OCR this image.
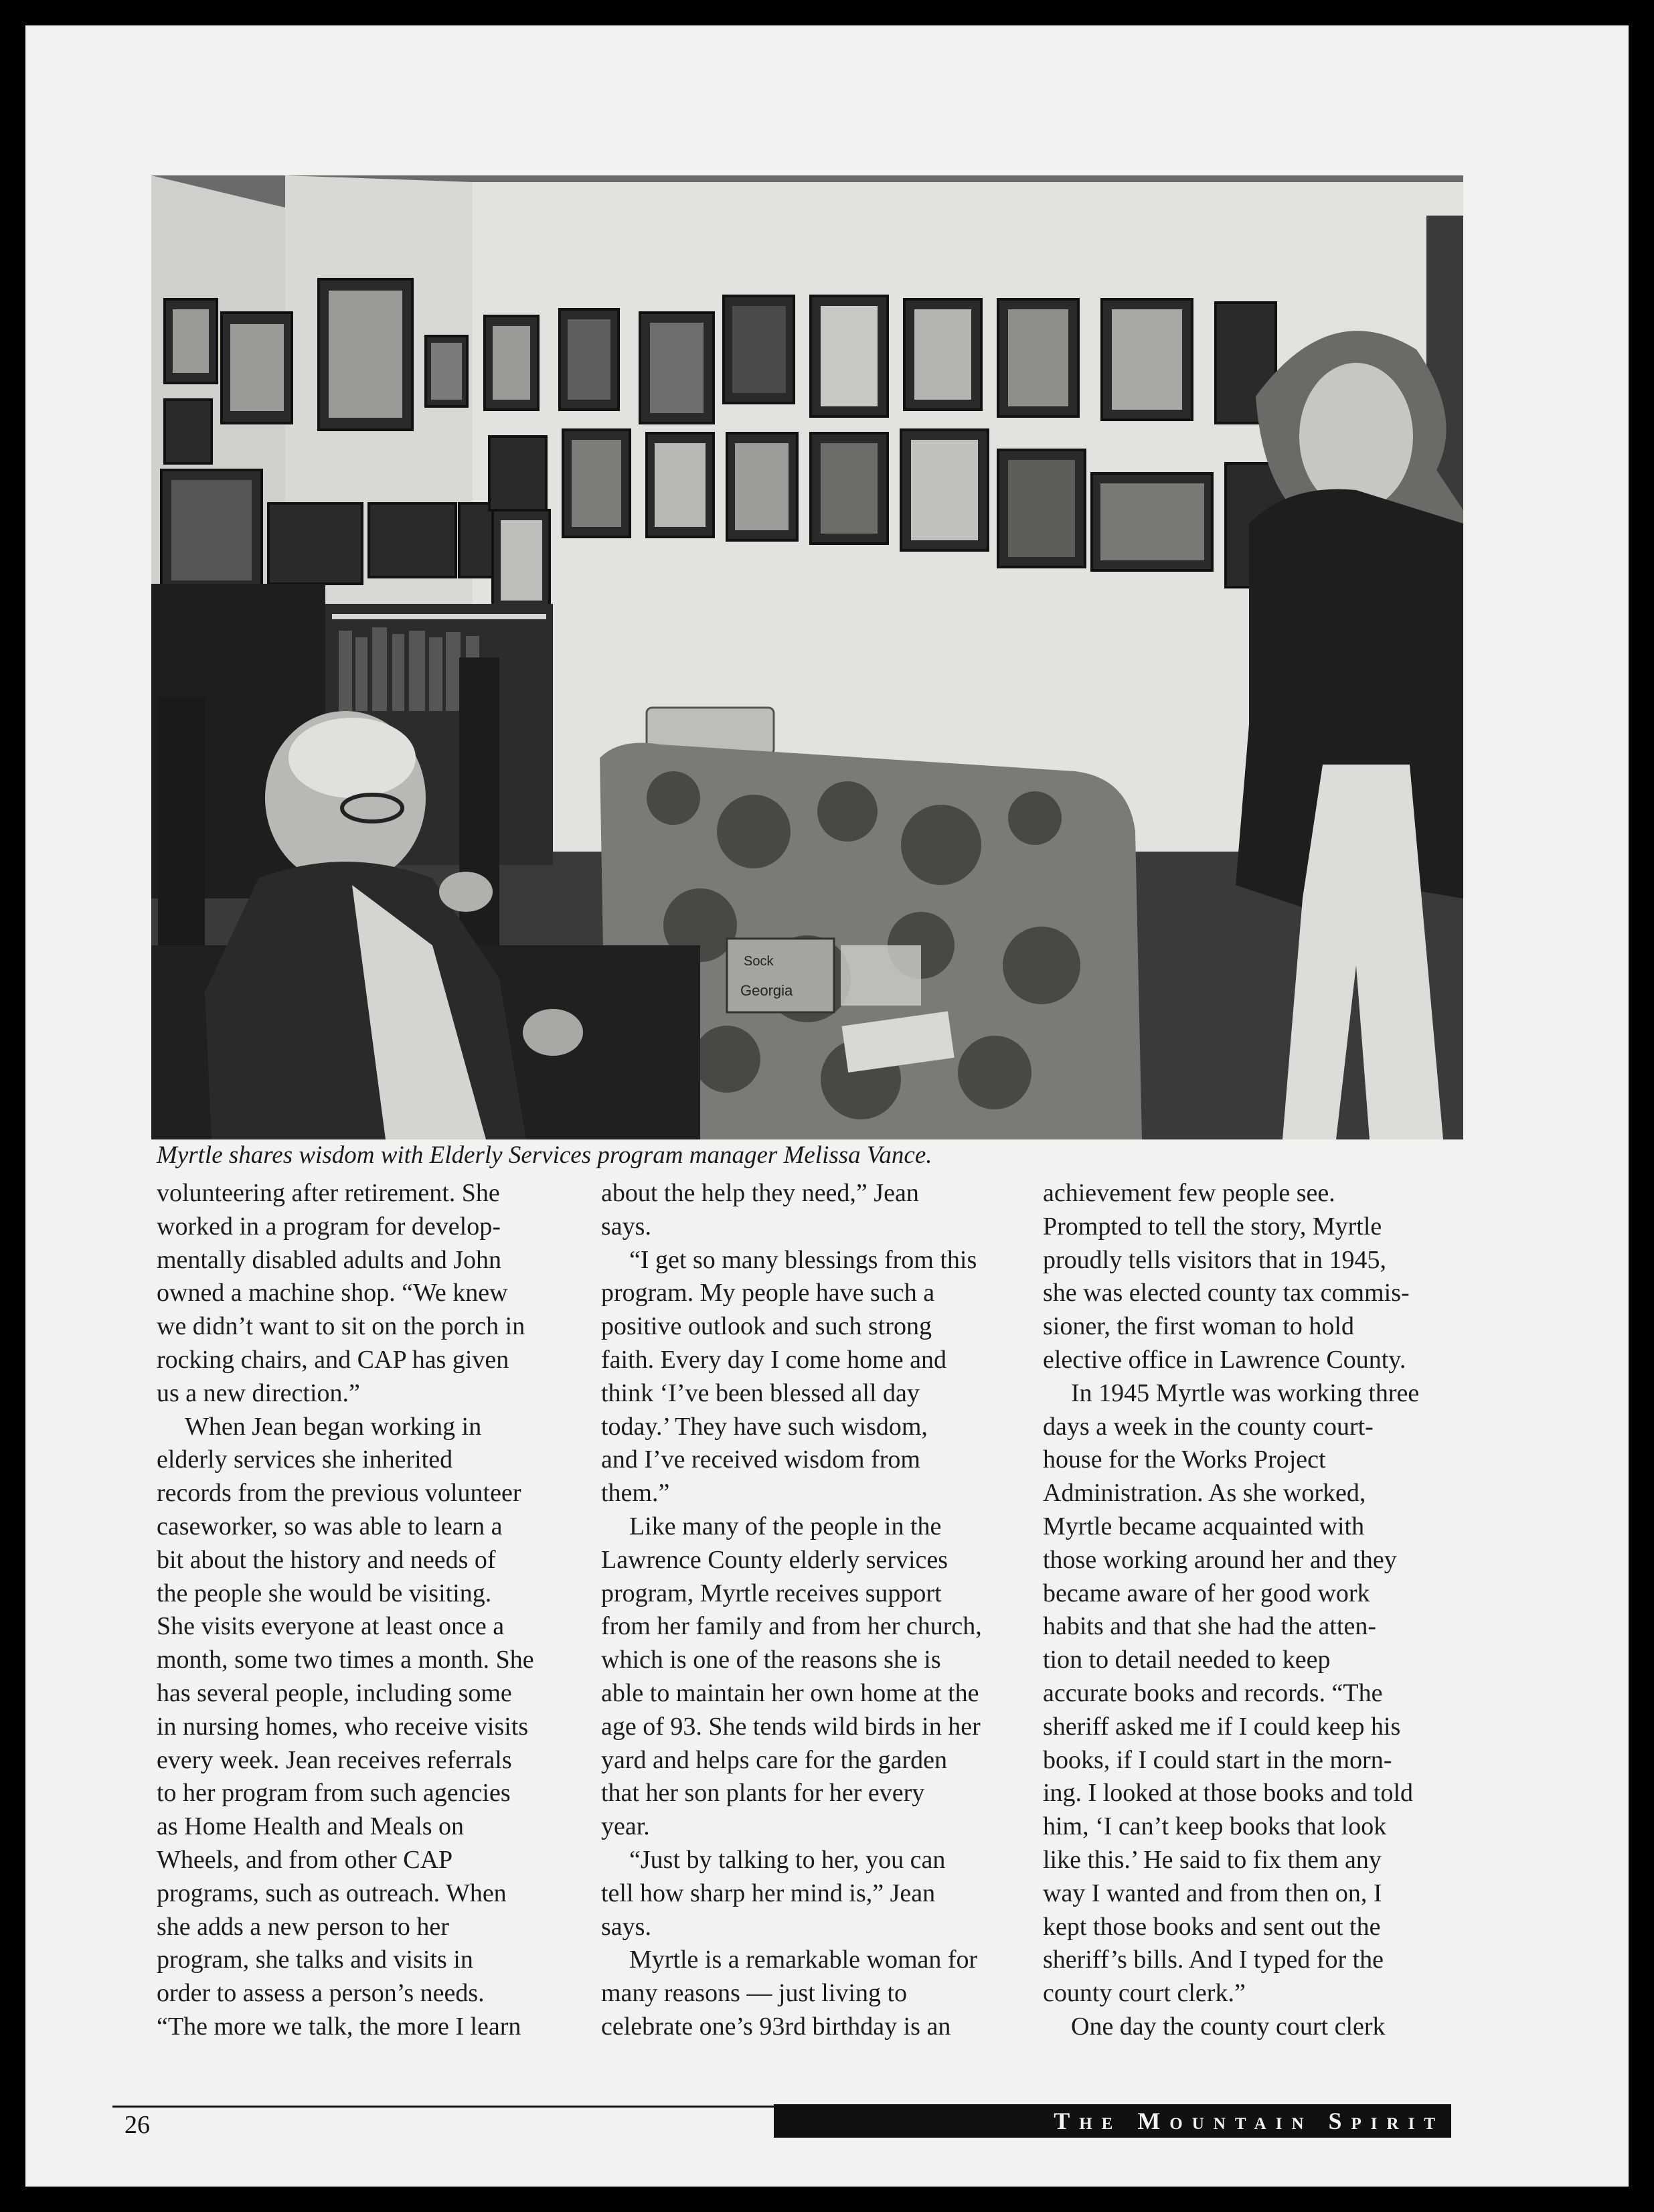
Sock
Georgia
Myrtle shares wisdom with Elderly Services program manager Melissa Vance.

volunteering after retirement. She

worked in a program for develop-

mentally disabled adults and John

owned a machine shop. “We knew

we didn’t want to sit on the porch in

rocking chairs, and CAP has given

us a new direction.”

When Jean began working in

elderly services she inherited

records from the previous volunteer

caseworker, so was able to learn a

bit about the history and needs of

the people she would be visiting.

She visits everyone at least once a

month, some two times a month. She

has several people, including some

in nursing homes, who receive visits

every week. Jean receives referrals

to her program from such agencies

as Home Health and Meals on

Wheels, and from other CAP

programs, such as outreach. When

she adds a new person to her

program, she talks and visits in

order to assess a person’s needs.

“The more we talk, the more I learn

about the help they need,” Jean

says.

“I get so many blessings from this

program. My people have such a

positive outlook and such strong

faith. Every day I come home and

think ‘I’ve been blessed all day

today.’ They have such wisdom,

and I’ve received wisdom from

them.”

Like many of the people in the

Lawrence County elderly services

program, Myrtle receives support

from her family and from her church,

which is one of the reasons she is

able to maintain her own home at the

age of 93. She tends wild birds in her

yard and helps care for the garden

that her son plants for her every

year.

“Just by talking to her, you can

tell how sharp her mind is,” Jean

says.

Myrtle is a remarkable woman for

many reasons — just living to

celebrate one’s 93rd birthday is an

achievement few people see.

Prompted to tell the story, Myrtle

proudly tells visitors that in 1945,

she was elected county tax commis-

sioner, the first woman to hold

elective office in Lawrence County.

In 1945 Myrtle was working three

days a week in the county court-

house for the Works Project

Administration. As she worked,

Myrtle became acquainted with

those working around her and they

became aware of her good work

habits and that she had the atten-

tion to detail needed to keep

accurate books and records. “The

sheriff asked me if I could keep his

books, if I could start in the morn-

ing. I looked at those books and told

him, ‘I can’t keep books that look

like this.’ He said to fix them any

way I wanted and from then on, I

kept those books and sent out the

sheriff’s bills. And I typed for the

county court clerk.”

One day the county court clerk

26	The Mountain Spirit
